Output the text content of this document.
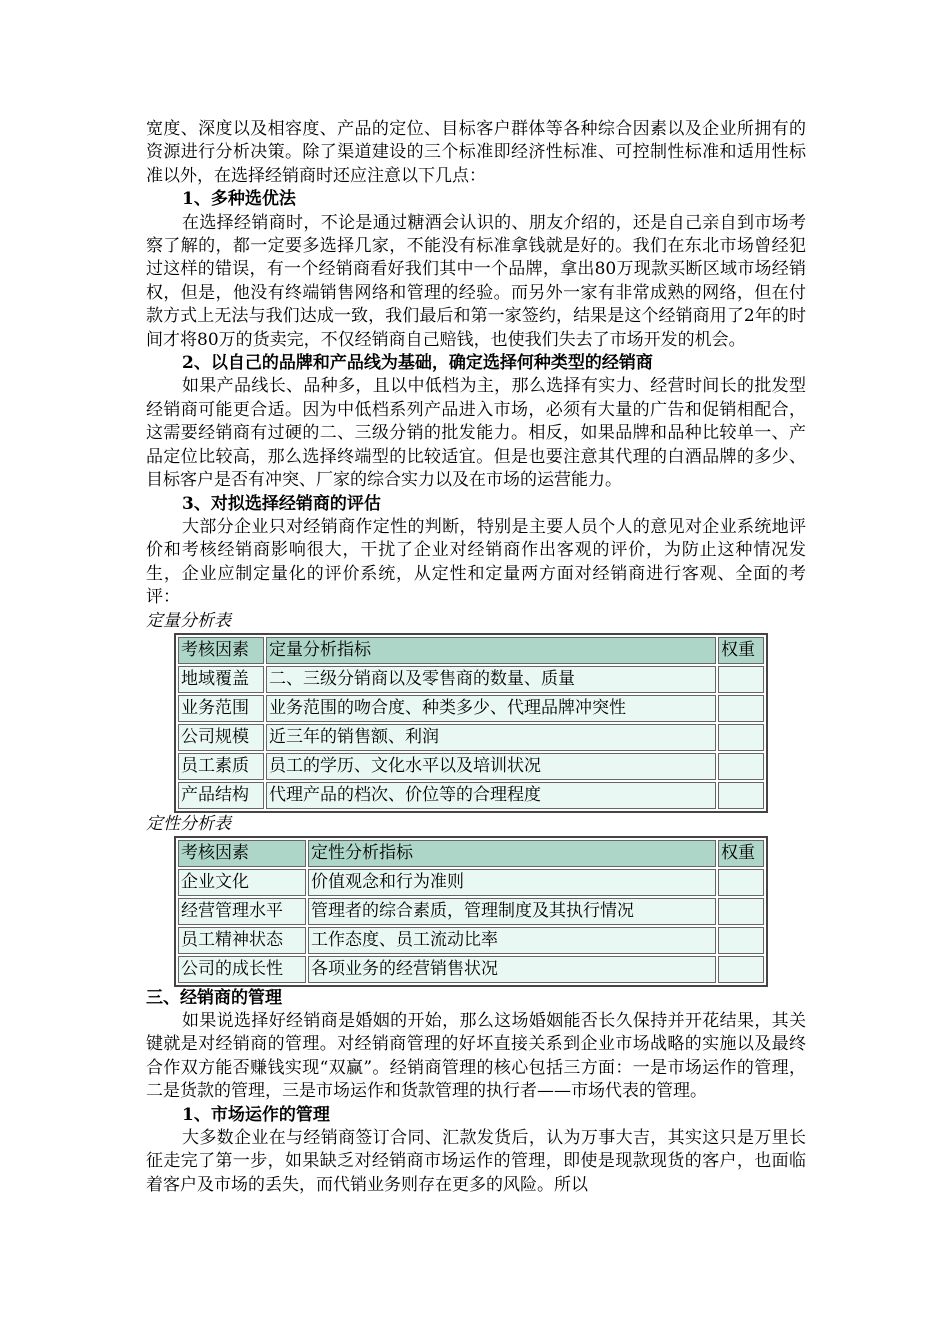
宽度、深度以及相容度、产品的定位、目标客户群体等各种综合因素以及企业所拥有的资源进行分析决策。除了渠道建设的三个标准即经济性标准、可控制性标准和适用性标准以外，在选择经销商时还应注意以下几点：

1、多种选优法

在选择经销商时，不论是通过糖酒会认识的、朋友介绍的，还是自己亲自到市场考察了解的，都一定要多选择几家，不能没有标准拿钱就是好的。我们在东北市场曾经犯过这样的错误，有一个经销商看好我们其中一个品牌，拿出80万现款买断区域市场经销权，但是，他没有终端销售网络和管理的经验。而另外一家有非常成熟的网络，但在付款方式上无法与我们达成一致，我们最后和第一家签约，结果是这个经销商用了2年的时间才将80万的货卖完，不仅经销商自己赔钱，也使我们失去了市场开发的机会。

2、以自己的品牌和产品线为基础，确定选择何种类型的经销商

如果产品线长、品种多，且以中低档为主，那么选择有实力、经营时间长的批发型经销商可能更合适。因为中低档系列产品进入市场，必须有大量的广告和促销相配合，这需要经销商有过硬的二、三级分销的批发能力。相反，如果品牌和品种比较单一、产品定位比较高，那么选择终端型的比较适宜。但是也要注意其代理的白酒品牌的多少、目标客户是否有冲突、厂家的综合实力以及在市场的运营能力。

3、对拟选择经销商的评估

大部分企业只对经销商作定性的判断，特别是主要人员个人的意见对企业系统地评价和考核经销商影响很大，干扰了企业对经销商作出客观的评价，为防止这种情况发生，企业应制定量化的评价系统，从定性和定量两方面对经销商进行客观、全面的考评：

定量分析表
考核因素	定量分析指标	权重
地域覆盖	二、三级分销商以及零售商的数量、质量	
业务范围	业务范围的吻合度、种类多少、代理品牌冲突性	
公司规模	近三年的销售额、利润	
员工素质	员工的学历、文化水平以及培训状况	
产品结构	代理产品的档次、价位等的合理程度	
定性分析表
考核因素	定性分析指标	权重
企业文化	价值观念和行为准则	
经营管理水平	管理者的综合素质，管理制度及其执行情况	
员工精神状态	工作态度、员工流动比率	
公司的成长性	各项业务的经营销售状况	
三、经销商的管理

如果说选择好经销商是婚姻的开始，那么这场婚姻能否长久保持并开花结果，其关键就是对经销商的管理。对经销商管理的好坏直接关系到企业市场战略的实施以及最终合作双方能否赚钱实现“双赢”。经销商管理的核心包括三方面：一是市场运作的管理，二是货款的管理，三是市场运作和货款管理的执行者——市场代表的管理。

1、市场运作的管理

大多数企业在与经销商签订合同、汇款发货后，认为万事大吉，其实这只是万里长征走完了第一步，如果缺乏对经销商市场运作的管理，即使是现款现货的客户，也面临着客户及市场的丢失，而代销业务则存在更多的风险。所以
